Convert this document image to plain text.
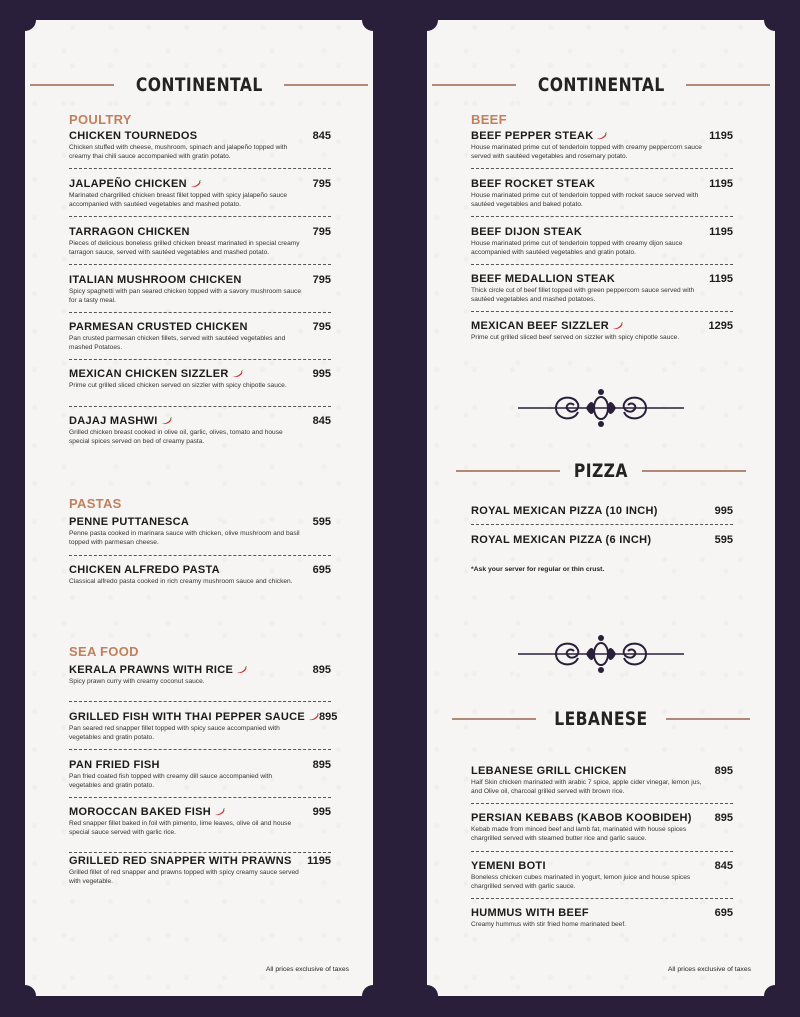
CONTINENTAL
POULTRY
CHICKEN TOURNEDOS	845
Chicken stuffed with cheese, mushroom, spinach and jalapeño topped with creamy thai chili sauce accompanied with gratin potato.
JALAPEÑO CHICKEN	795
Marinated chargrilled chicken breast fillet topped with spicy jalapeño sauce accompanied with sautéed vegetables and mashed potato.
TARRAGON CHICKEN	795
Pieces of delicious boneless grilled chicken breast marinated in special creamy tarragon sauce, served with sautéed vegetables and mashed potato.
ITALIAN MUSHROOM CHICKEN	795
Spicy spaghetti with pan seared chicken topped with a savory mushroom sauce for a tasty meal.
PARMESAN CRUSTED CHICKEN	795
Pan crusted parmesan chicken fillets, served with sautéed vegetables and mashed Potatoes.
MEXICAN CHICKEN SIZZLER	995
Prime cut grilled sliced chicken served on sizzler with spicy chipotle sauce.
DAJAJ MASHWI	845
Grilled chicken breast cooked in olive oil, garlic, olives, tomato and house special spices served on bed of creamy pasta.
PASTAS
PENNE PUTTANESCA	595
Penne pasta cooked in marinara sauce with chicken, olive mushroom and basil topped with parmesan cheese.
CHICKEN ALFREDO PASTA	695
Classical alfredo pasta cooked in rich creamy mushroom sauce and chicken.
SEA FOOD
KERALA PRAWNS WITH RICE	895
Spicy prawn curry with creamy coconut sauce.
GRILLED FISH WITH THAI PEPPER SAUCE	895
Pan seared red snapper fillet topped with spicy sauce accompanied with vegetables and gratin potato.
PAN FRIED FISH	895
Pan fried coated fish topped with creamy dill sauce accompanied with vegetables and gratin potato.
MOROCCAN BAKED FISH	995
Red snapper fillet baked in foil with pimento, lime leaves, olive oil and house special sauce served with garlic rice.
GRILLED RED SNAPPER WITH PRAWNS 1195
Grilled fillet of red snapper and prawns topped with spicy creamy sauce served with vegetable.
All prices exclusive of taxes
CONTINENTAL
BEEF
BEEF PEPPER STEAK	1195
House marinated prime cut of tenderloin topped with creamy peppercorn sauce served with sautéed vegetables and rosemary potato.
BEEF ROCKET STEAK	1195
House marinated prime cut of tenderloin topped with rocket sauce served with sautéed vegetables and baked potato.
BEEF DIJON STEAK	1195
House marinated prime cut of tenderloin topped with creamy dijon sauce accompanied with sautéed vegetables and gratin potato.
BEEF MEDALLION STEAK	1195
Thick circle cut of beef fillet topped with green peppercorn sauce served with sautéed vegetables and mashed potatoes.
MEXICAN BEEF SIZZLER	1295
Prime cut grilled sliced beef served on sizzler with spicy chipotle sauce.
PIZZA
ROYAL MEXICAN PIZZA (10 INCH)	995
ROYAL MEXICAN PIZZA (6 INCH)	595
*Ask your server for regular or thin crust.
LEBANESE
LEBANESE GRILL CHICKEN	895
Half Skin chicken marinated with arabic 7 spice, apple cider vinegar, lemon jus, and Olive oil, charcoal grilled served with brown rice.
PERSIAN KEBABS (KABOB KOOBIDEH) 895
Kebab made from minced beef and lamb fat, marinated with house spices chargrilled served with steamed butter rice and garlic sauce.
YEMENI BOTI	845
Boneless chicken cubes marinated in yogurt, lemon juice and house spices chargrilled served with garlic sauce.
HUMMUS WITH BEEF	695
Creamy hummus with stir fried home marinated beef.
All prices exclusive of taxes
